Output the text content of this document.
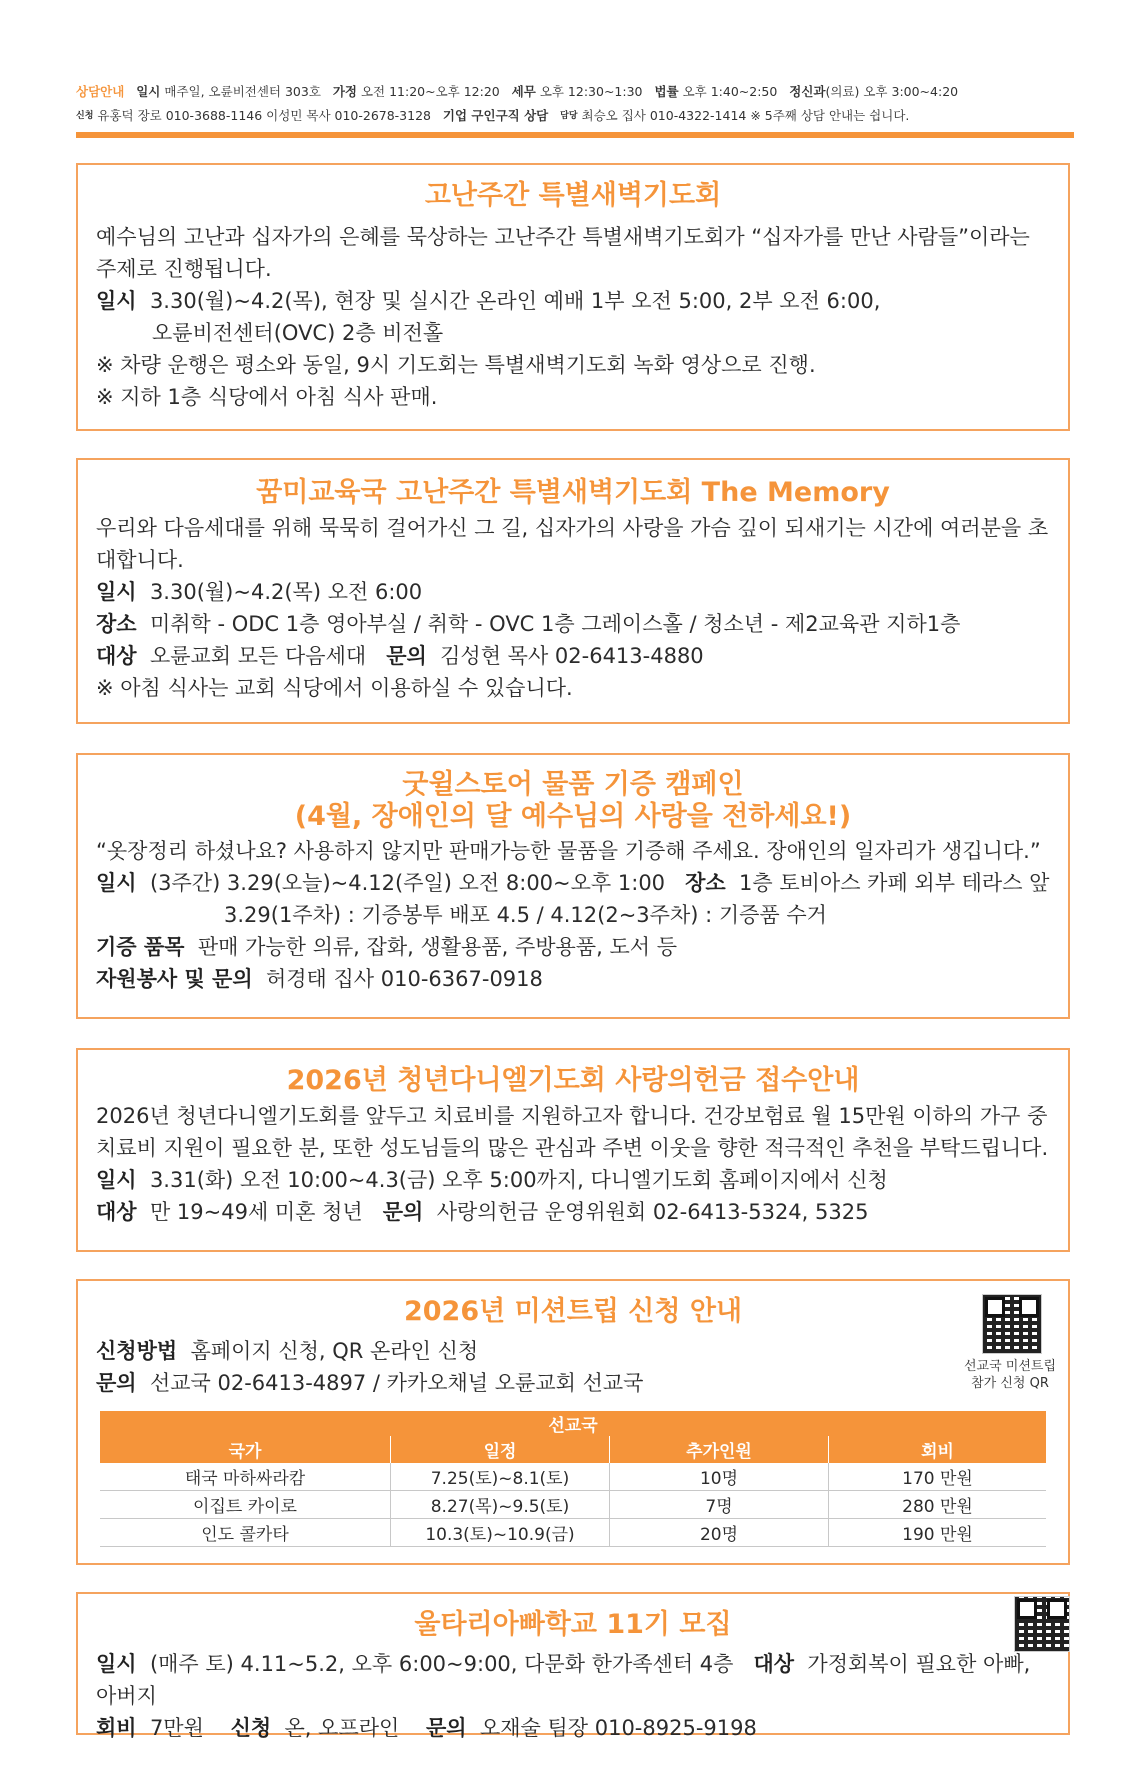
상담안내 일시 매주일, 오륜비전센터 303호 가정 오전 11:20~오후 12:20 세무 오후 12:30~1:30 법률 오후 1:40~2:50 정신과(의료) 오후 3:00~4:20
신청 유홍덕 장로 010-3688-1146 이성민 목사 010-2678-3128 기업 구인구직 상담 담당 최승오 집사 010-4322-1414 ※ 5주째 상담 안내는 쉽니다.
고난주간 특별새벽기도회

예수님의 고난과 십자가의 은혜를 묵상하는 고난주간 특별새벽기도회가 “십자가를 만난 사람들”이라는 주제로 진행됩니다.

일시 3.30(월)~4.2(목), 현장 및 실시간 온라인 예배 1부 오전 5:00, 2부 오전 6:00,

오륜비전센터(OVC) 2층 비전홀

※ 차량 운행은 평소와 동일, 9시 기도회는 특별새벽기도회 녹화 영상으로 진행.

※ 지하 1층 식당에서 아침 식사 판매.

꿈미교육국 고난주간 특별새벽기도회 The Memory

우리와 다음세대를 위해 묵묵히 걸어가신 그 길, 십자가의 사랑을 가슴 깊이 되새기는 시간에 여러분을 초대합니다.

일시 3.30(월)~4.2(목) 오전 6:00

장소 미취학 - ODC 1층 영아부실 / 취학 - OVC 1층 그레이스홀 / 청소년 - 제2교육관 지하1층

대상 오륜교회 모든 다음세대 문의 김성현 목사 02-6413-4880

※ 아침 식사는 교회 식당에서 이용하실 수 있습니다.

굿윌스토어 물품 기증 캠페인
(4월, 장애인의 달 예수님의 사랑을 전하세요!)

“옷장정리 하셨나요? 사용하지 않지만 판매가능한 물품을 기증해 주세요. 장애인의 일자리가 생깁니다.”

일시 (3주간) 3.29(오늘)~4.12(주일) 오전 8:00~오후 1:00 장소 1층 토비아스 카페 외부 테라스 앞

3.29(1주차) : 기증봉투 배포 4.5 / 4.12(2~3주차) : 기증품 수거

기증 품목 판매 가능한 의류, 잡화, 생활용품, 주방용품, 도서 등

자원봉사 및 문의 허경태 집사 010-6367-0918

2026년 청년다니엘기도회 사랑의헌금 접수안내

2026년 청년다니엘기도회를 앞두고 치료비를 지원하고자 합니다. 건강보험료 월 15만원 이하의 가구 중 치료비 지원이 필요한 분, 또한 성도님들의 많은 관심과 주변 이웃을 향한 적극적인 추천을 부탁드립니다.

일시 3.31(화) 오전 10:00~4.3(금) 오후 5:00까지, 다니엘기도회 홈페이지에서 신청

대상 만 19~49세 미혼 청년 문의 사랑의헌금 운영위원회 02-6413-5324, 5325

2026년 미션트립 신청 안내

신청방법 홈페이지 신청, QR 온라인 신청

문의 선교국 02-6413-4897 / 카카오채널 오륜교회 선교국

선교국 미션트립
참가 신청 QR
선교국			
국가	일정	추가인원	회비
태국 마하싸라캄	7.25(토)~8.1(토)	10명	170 만원
이집트 카이로	8.27(목)~9.5(토)	7명	280 만원
인도 콜카타	10.3(토)~10.9(금)	20명	190 만원
울타리아빠학교 11기 모집

일시 (매주 토) 4.11~5.2, 오후 6:00~9:00, 다문화 한가족센터 4층 대상 가정회복이 필요한 아빠, 아버지

회비 7만원 신청 온, 오프라인 문의 오재술 팀장 010-8925-9198
